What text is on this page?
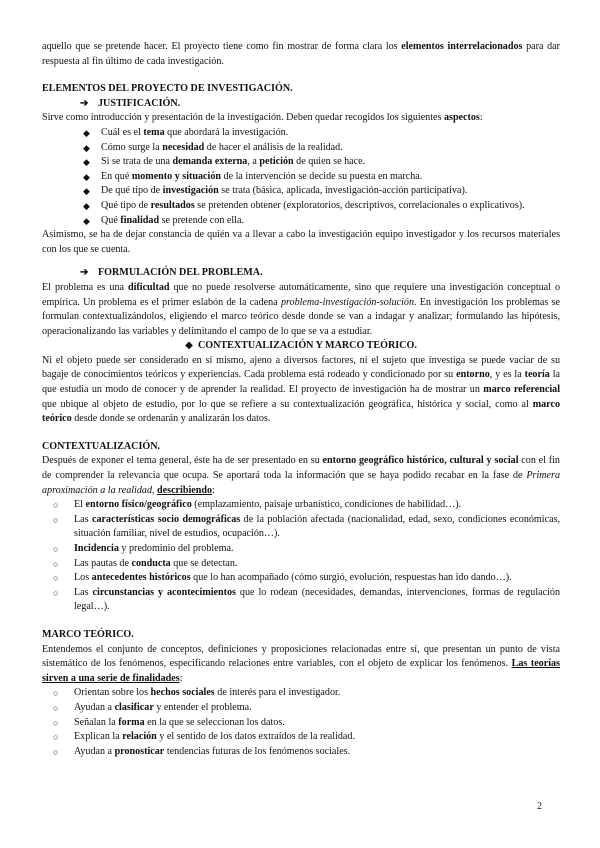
aquello que se pretende hacer. El proyecto tiene como fin mostrar de forma clara los elementos interrelacionados para dar respuesta al fin último de cada investigación.

ELEMENTOS DEL PROYECTO DE INVESTIGACIÓN.

➔ JUSTIFICACIÓN.

Sirve como introducción y presentación de la investigación. Deben quedar recogidos los siguientes aspectos:

◆ Cuál es el tema que abordará la investigación.
◆ Cómo surge la necesidad de hacer el análisis de la realidad.
◆ Si se trata de una demanda externa, a petición de quien se hace.
◆ En qué momento y situación de la intervención se decide su puesta en marcha.
◆ De qué tipo de investigación se trata (básica, aplicada, investigación-acción participativa).
◆ Qué tipo de resultados se pretenden obtener (exploratorios, descriptivos, correlacionales o explicativos).
◆ Qué finalidad se pretende con ella.

Asimismo, se ha de dejar constancia de quién va a llevar a cabo la investigación equipo investigador y los recursos materiales con los que se cuenta.

➔ FORMULACIÓN DEL PROBLEMA.

El problema es una dificultad que no puede resolverse automáticamente, sino que requiere una investigación conceptual o empírica. Un problema es el primer eslabón de la cadena problema-investigación-solución. En investigación los problemas se formulan contextualizándolos, eligiendo el marco teórico desde donde se van a indagar y analizar; formulando las hipótesis, operacionalizando las variables y delimitando el campo de lo que se va a estudiar.

◆ CONTEXTUALIZACIÓN Y MARCO TEÓRICO.

Ni el objeto puede ser considerado en sí mismo, ajeno a diversos factores, ni el sujeto que investiga se puede vaciar de su bagaje de conocimientos teóricos y experiencias. Cada problema está rodeado y condicionado por su entorno, y es la teoría la que estudia un modo de conocer y de aprender la realidad. El proyecto de investigación ha de mostrar un marco referencial que ubique al objeto de estudio, por lo que se refiere a su contextualización geográfica, histórica y social, como al marco teórico desde donde se ordenarán y analizarán los datos.

CONTEXTUALIZACIÓN.

Después de exponer el tema general, éste ha de ser presentado en su entorno geográfico histórico, cultural y social con el fin de comprender la relevancia que ocupa. Se aportará toda la información que se haya podido recabar en la fase de Primera aproximación a la realidad, describiendo:

○ El entorno físico/geográfico (emplazamiento, paisaje urbanístico, condiciones de habilidad…).
○ Las características socio demográficas de la población afectada (nacionalidad, edad, sexo, condiciones económicas, situación familiar, nivel de estudios, ocupación…).
○ Incidencia y predominio del problema.
○ Las pautas de conducta que se detectan.
○ Los antecedentes históricos que lo han acompañado (cómo surgió, evolución, respuestas han ido dando…).
○ Las circunstancias y acontecimientos que lo rodean (necesidades, demandas, intervenciones, formas de regulación legal…).

MARCO TEÓRICO.

Entendemos el conjunto de conceptos, definiciones y proposiciones relacionadas entre sí, que presentan un punto de vista sistemático de los fenómenos, especificando relaciones entre variables, con el objeto de explicar los fenómenos. Las teorías sirven a una serie de finalidades:

○ Orientan sobre los hechos sociales de interés para el investigador.
○ Ayudan a clasificar y entender el problema.
○ Señalan la forma en la que se seleccionan los datos.
○ Explican la relación y el sentido de los datos extraídos de la realidad.
○ Ayudan a pronosticar tendencias futuras de los fenómenos sociales.
2
